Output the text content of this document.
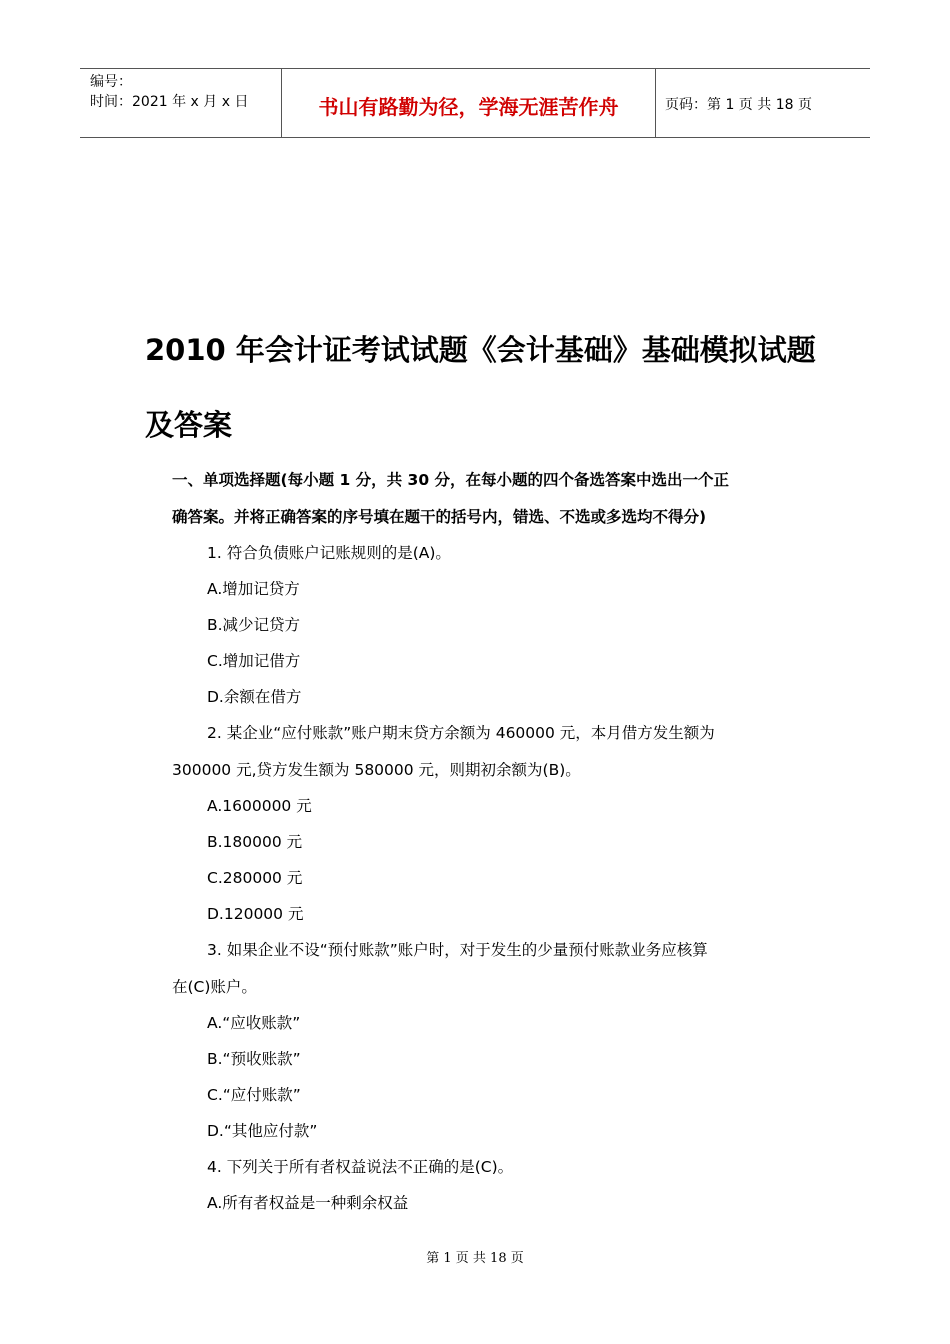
编号：
时间：2021 年 x 月 x 日	书山有路勤为径，学海无涯苦作舟	页码：第 1 页 共 18 页
2010 年会计证考试试题《会计基础》基础模拟试题
及答案
一、单项选择题(每小题 1 分，共 30 分，在每小题的四个备选答案中选出一个正
确答案。并将正确答案的序号填在题干的括号内，错选、不选或多选均不得分)
1. 符合负债账户记账规则的是(A)。
A.增加记贷方
B.减少记贷方
C.增加记借方
D.余额在借方
2. 某企业“应付账款”账户期末贷方余额为 460000 元，本月借方发生额为
300000 元,贷方发生额为 580000 元，则期初余额为(B)。
A.1600000 元
B.180000 元
C.280000 元
D.120000 元
3. 如果企业不设“预付账款”账户时，对于发生的少量预付账款业务应核算
在(C)账户。
A.“应收账款”
B.“预收账款”
C.“应付账款”
D.“其他应付款”
4. 下列关于所有者权益说法不正确的是(C)。
A.所有者权益是一种剩余权益
第 1 页 共 18 页
